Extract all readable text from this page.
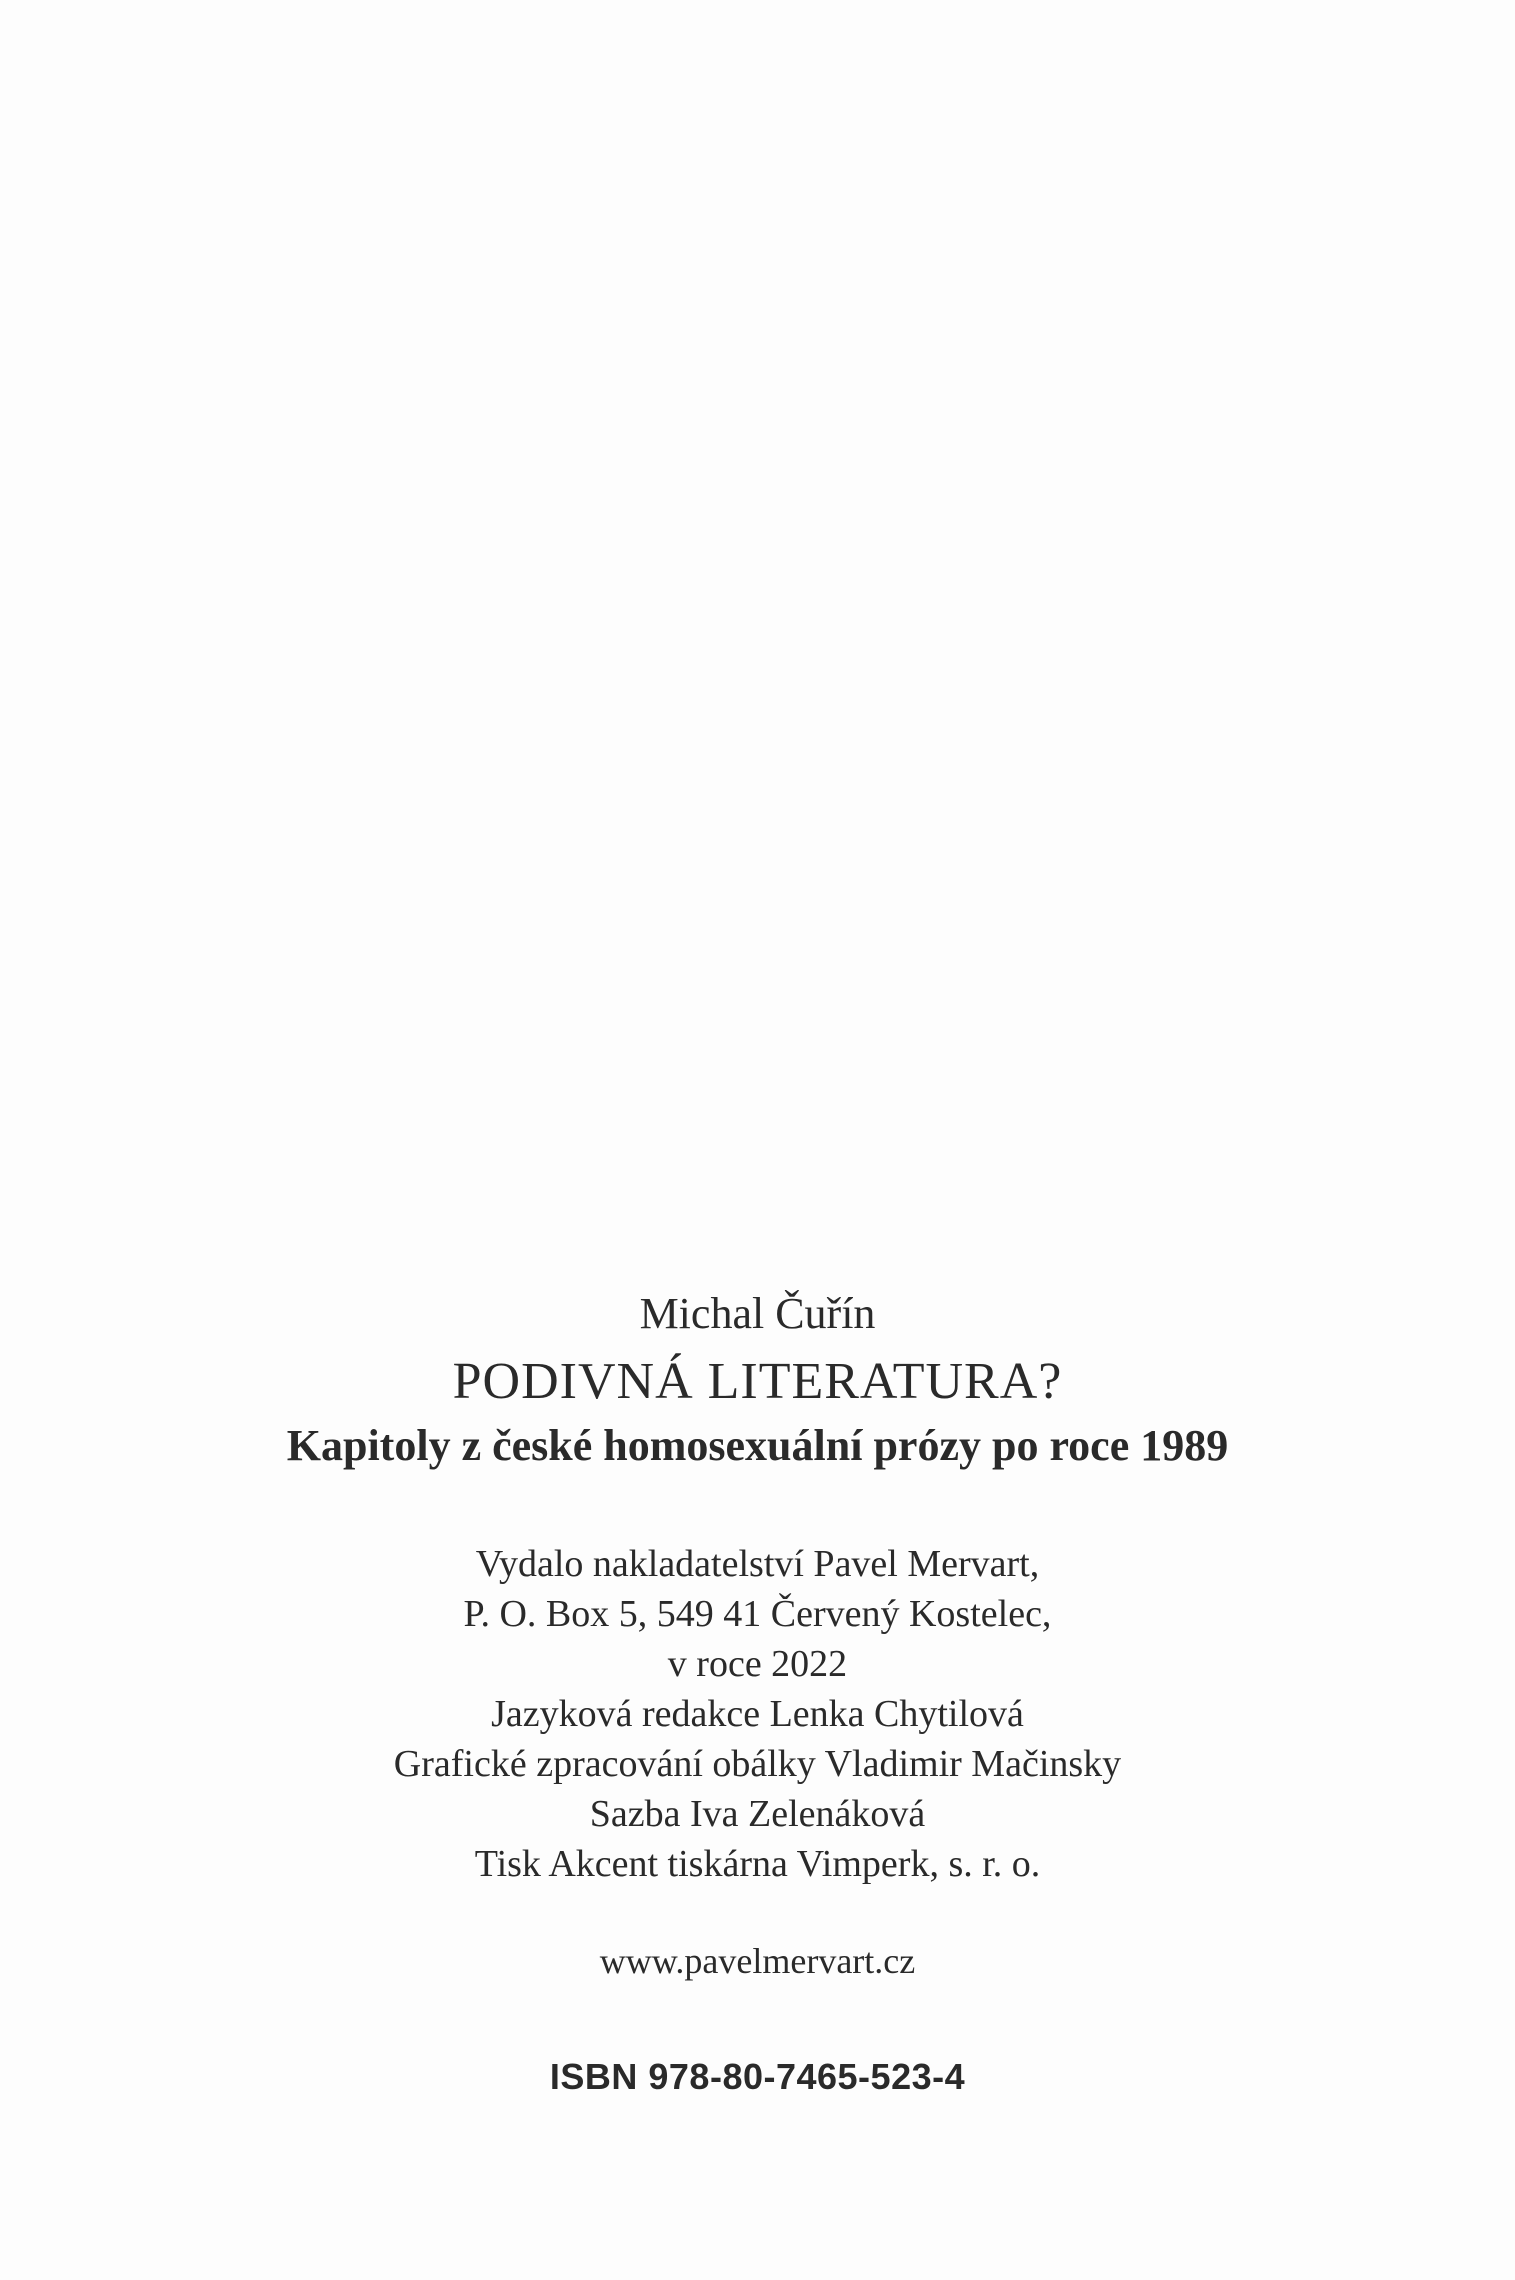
Michal Čuřín

PODIVNÁ LITERATURA?

Kapitoly z české homosexuální prózy po roce 1989

Vydalo nakladatelství Pavel Mervart,

P. O. Box 5, 549 41 Červený Kostelec,

v roce 2022

Jazyková redakce Lenka Chytilová

Grafické zpracování obálky Vladimir Mačinsky

Sazba Iva Zelenáková

Tisk Akcent tiskárna Vimperk, s. r. o.

www.pavelmervart.cz
ISBN 978-80-7465-523-4
